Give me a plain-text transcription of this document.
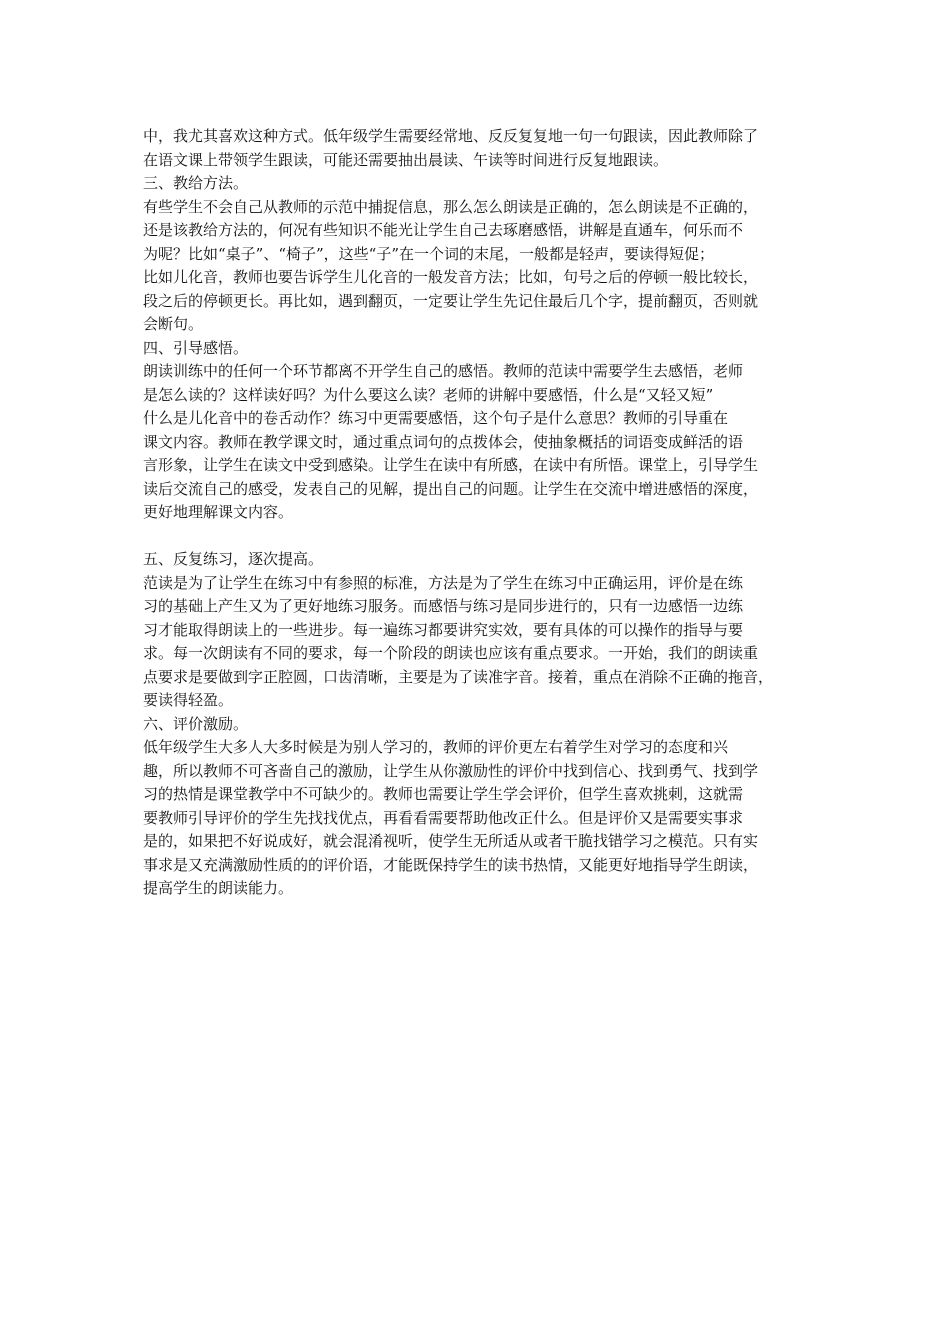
中，我尤其喜欢这种方式。低年级学生需要经常地、反反复复地一句一句跟读，因此教师除了
在语文课上带领学生跟读，可能还需要抽出晨读、午读等时间进行反复地跟读。
三、教给方法。
有些学生不会自己从教师的示范中捕捉信息，那么怎么朗读是正确的，怎么朗读是不正确的，
还是该教给方法的，何况有些知识不能光让学生自己去琢磨感悟，讲解是直通车，何乐而不
为呢？比如“桌子”、“椅子”，这些“子”在一个词的末尾，一般都是轻声，要读得短促；
比如儿化音，教师也要告诉学生儿化音的一般发音方法；比如，句号之后的停顿一般比较长，
段之后的停顿更长。再比如，遇到翻页，一定要让学生先记住最后几个字，提前翻页，否则就
会断句。
四、引导感悟。
朗读训练中的任何一个环节都离不开学生自己的感悟。教师的范读中需要学生去感悟，老师
是怎么读的？这样读好吗？为什么要这么读？老师的讲解中要感悟，什么是“又轻又短”
什么是儿化音中的卷舌动作？练习中更需要感悟，这个句子是什么意思？教师的引导重在
课文内容。教师在教学课文时，通过重点词句的点拨体会，使抽象概括的词语变成鲜活的语
言形象，让学生在读文中受到感染。让学生在读中有所感，在读中有所悟。课堂上，引导学生
读后交流自己的感受，发表自己的见解，提出自己的问题。让学生在交流中增进感悟的深度，
更好地理解课文内容。
五、反复练习，逐次提高。
范读是为了让学生在练习中有参照的标准，方法是为了学生在练习中正确运用，评价是在练
习的基础上产生又为了更好地练习服务。而感悟与练习是同步进行的，只有一边感悟一边练
习才能取得朗读上的一些进步。每一遍练习都要讲究实效，要有具体的可以操作的指导与要
求。每一次朗读有不同的要求，每一个阶段的朗读也应该有重点要求。一开始，我们的朗读重
点要求是要做到字正腔圆，口齿清晰，主要是为了读准字音。接着，重点在消除不正确的拖音，
要读得轻盈。
六、评价激励。
低年级学生大多人大多时候是为别人学习的，教师的评价更左右着学生对学习的态度和兴
趣，所以教师不可吝啬自己的激励，让学生从你激励性的评价中找到信心、找到勇气、找到学
习的热情是课堂教学中不可缺少的。教师也需要让学生学会评价，但学生喜欢挑刺，这就需
要教师引导评价的学生先找找优点，再看看需要帮助他改正什么。但是评价又是需要实事求
是的，如果把不好说成好，就会混淆视听，使学生无所适从或者干脆找错学习之模范。只有实
事求是又充满激励性质的的评价语，才能既保持学生的读书热情，又能更好地指导学生朗读，
提高学生的朗读能力。
